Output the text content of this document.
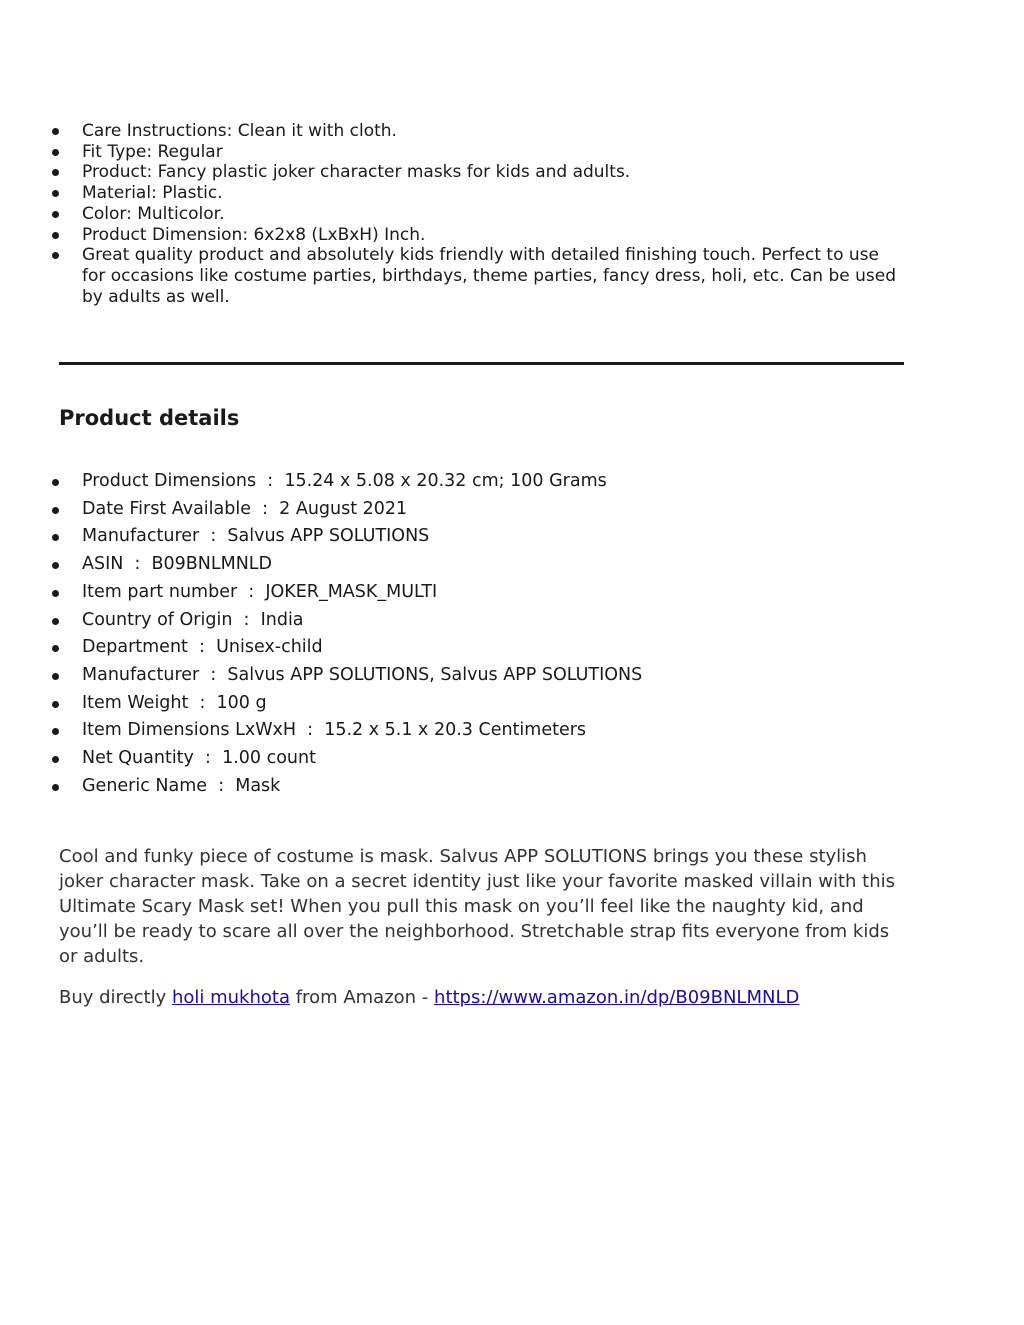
Care Instructions: Clean it with cloth.
Fit Type: Regular
Product: Fancy plastic joker character masks for kids and adults.
Material: Plastic.
Color: Multicolor.
Product Dimension: 6x2x8 (LxBxH) Inch.
Great quality product and absolutely kids friendly with detailed finishing touch. Perfect to use for occasions like costume parties, birthdays, theme parties, fancy dress, holi, etc. Can be used by adults as well.
Product details
Product Dimensions  :  15.24 x 5.08 x 20.32 cm; 100 Grams
Date First Available  :  2 August 2021
Manufacturer  :  Salvus APP SOLUTIONS
ASIN  :  B09BNLMNLD
Item part number  :  JOKER_MASK_MULTI
Country of Origin  :  India
Department  :  Unisex-child
Manufacturer  :  Salvus APP SOLUTIONS, Salvus APP SOLUTIONS
Item Weight  :  100 g
Item Dimensions LxWxH  :  15.2 x 5.1 x 20.3 Centimeters
Net Quantity  :  1.00 count
Generic Name  :  Mask

Cool and funky piece of costume is mask. Salvus APP SOLUTIONS brings you these stylish joker character mask. Take on a secret identity just like your favorite masked villain with this Ultimate Scary Mask set! When you pull this mask on you’ll feel like the naughty kid, and you’ll be ready to scare all over the neighborhood. Stretchable strap fits everyone from kids or adults.

Buy directly holi mukhota from Amazon - https://www.amazon.in/dp/B09BNLMNLD
